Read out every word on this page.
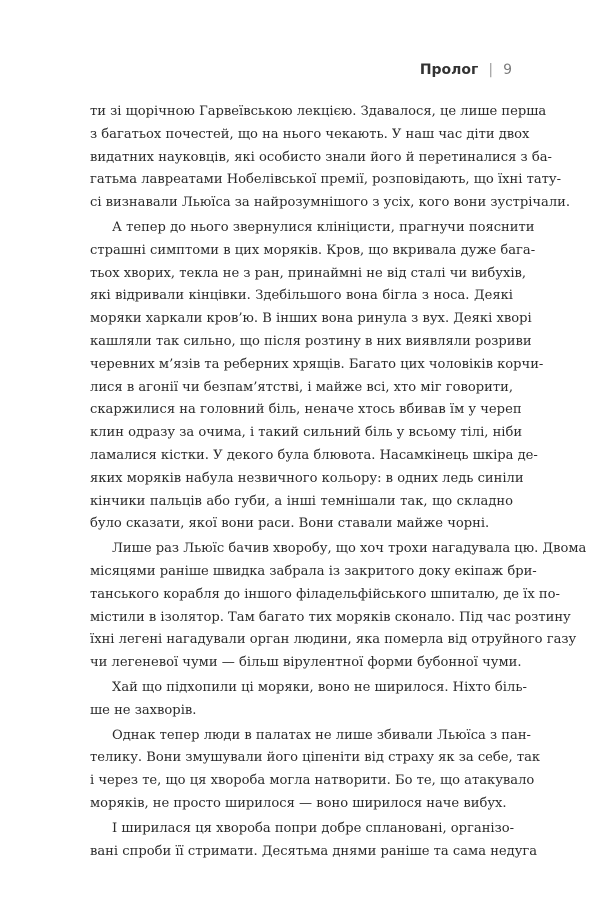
Пролог | 9
ти зі щорічною Гарвеївською лекцією. Здавалося, це лише перша
з багатьох почестей, що на нього чекають. У наш час діти двох
видатних науковців, які особисто знали його й перетиналися з ба-
гатьма лавреатами Нобелівської премії, розповідають, що їхні тату-
сі визнавали Льюїса за найрозумнішого з усіх, кого вони зустрічали.
А тепер до нього звернулися клініцисти, прагнучи пояснити
страшні симптоми в цих моряків. Кров, що вкривала дуже бага-
тьох хворих, текла не з ран, принаймні не від сталі чи вибухів,
які відривали кінцівки. Здебільшого вона бігла з носа. Деякі
моряки харкали кров’ю. В інших вона ринула з вух. Деякі хворі
кашляли так сильно, що після розтину в них виявляли розриви
черевних м’язів та реберних хрящів. Багато цих чоловіків корчи-
лися в агонії чи безпам’ятстві, і майже всі, хто міг говорити,
скаржилися на головний біль, неначе хтось вбивав їм у череп
клин одразу за очима, і такий сильний біль у всьому тілі, ніби
ламалися кістки. У декого була блювота. Насамкінець шкіра де-
яких моряків набула незвичного кольору: в одних ледь синіли
кінчики пальців або губи, а інші темнішали так, що складно
було сказати, якої вони раси. Вони ставали майже чорні.
Лише раз Льюїс бачив хворобу, що хоч трохи нагадувала цю. Двома
місяцями раніше швидка забрала із закритого доку екіпаж бри-
танського корабля до іншого філадельфійського шпиталю, де їх по-
містили в ізолятор. Там багато тих моряків сконало. Під час розтину
їхні легені нагадували орган людини, яка померла від отруйного газу
чи легеневої чуми — більш вірулентної форми бубонної чуми.
Хай що підхопили ці моряки, воно не ширилося. Ніхто біль-
ше не захворів.
Однак тепер люди в палатах не лише збивали Льюїса з пан-
телику. Вони змушували його ціпеніти від страху як за себе, так
і через те, що ця хвороба могла натворити. Бо те, що атакувало
моряків, не просто ширилося — воно ширилося наче вибух.
І ширилася ця хвороба попри добре сплановані, організо-
вані спроби її стримати. Десятьма днями раніше та сама недуга
